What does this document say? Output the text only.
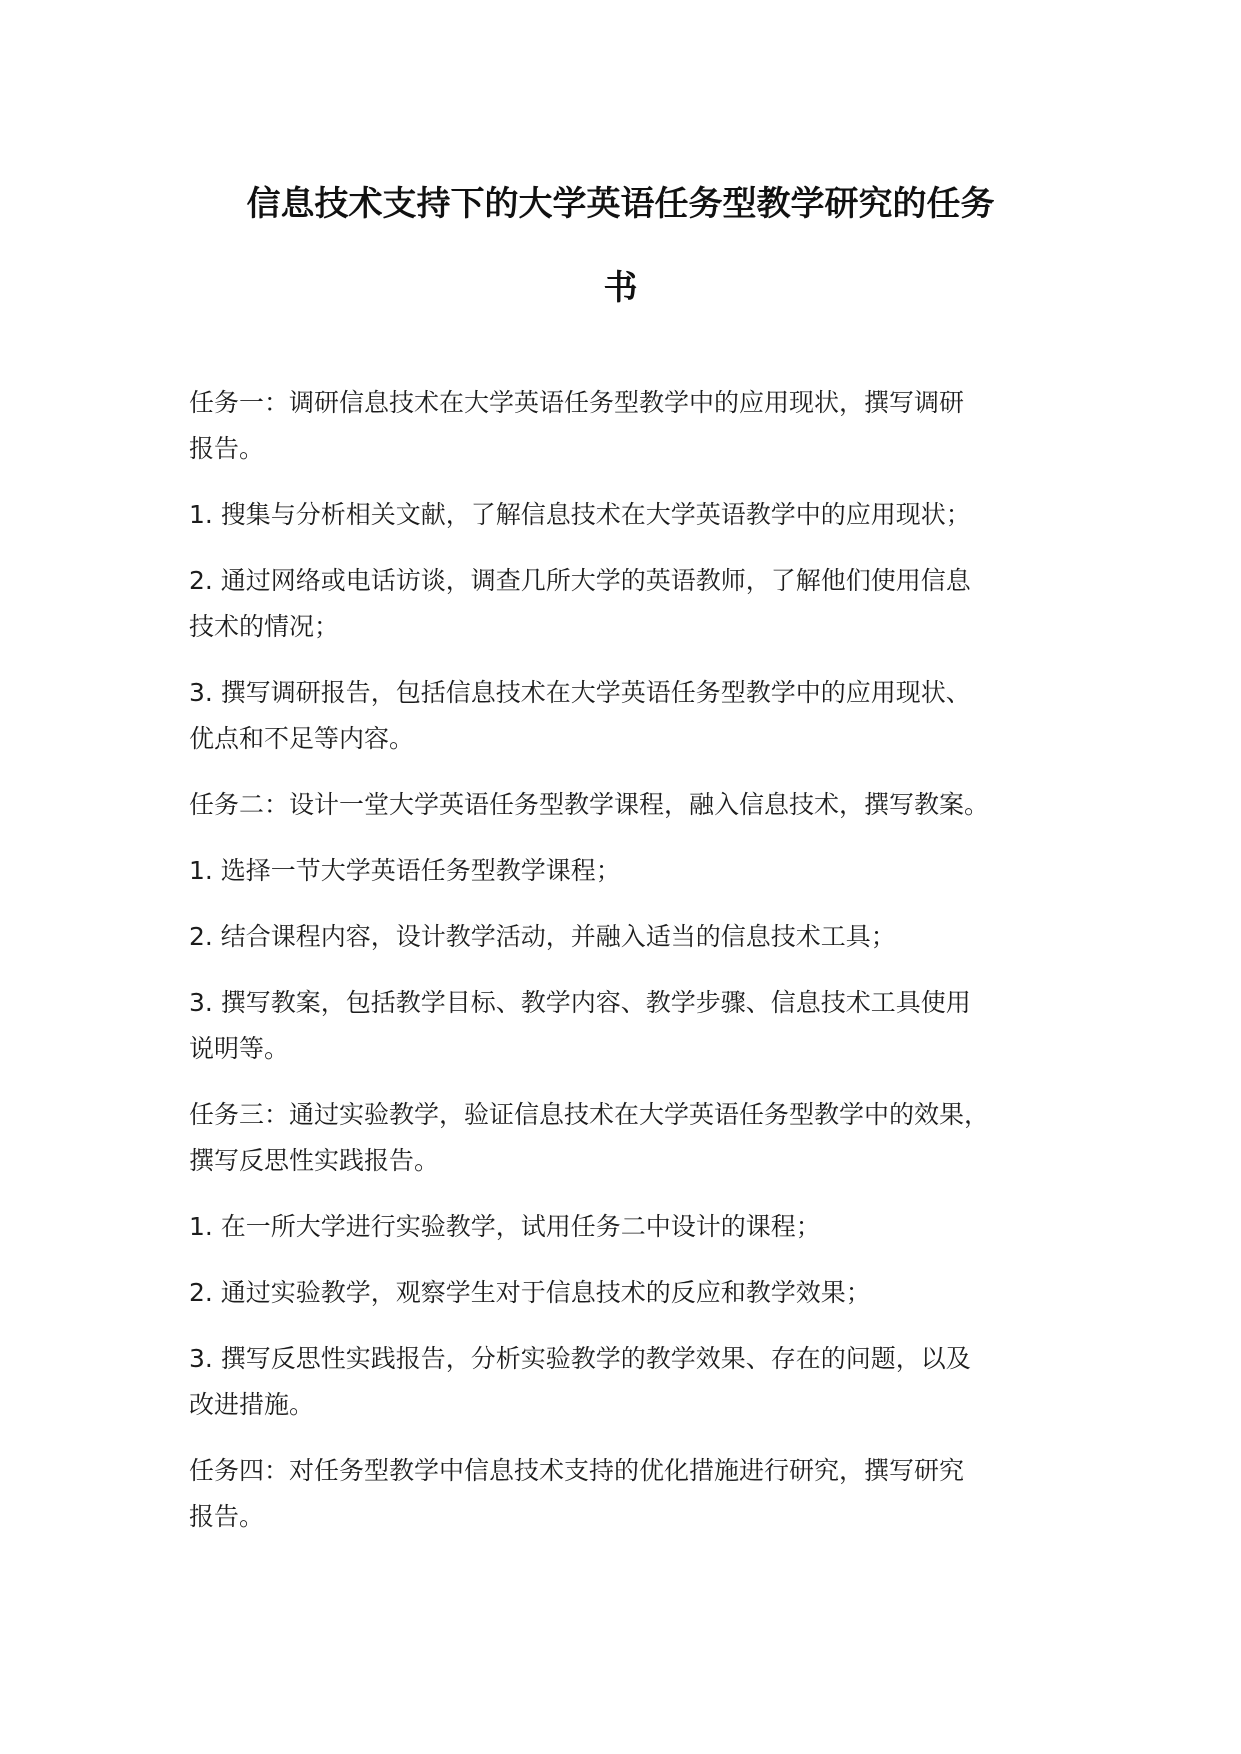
信息技术支持下的大学英语任务型教学研究的任务
书

任务一：调研信息技术在大学英语任务型教学中的应用现状，撰写调研
报告。

1. 搜集与分析相关文献，了解信息技术在大学英语教学中的应用现状；

2. 通过网络或电话访谈，调查几所大学的英语教师，了解他们使用信息
技术的情况；

3. 撰写调研报告，包括信息技术在大学英语任务型教学中的应用现状、
优点和不足等内容。

任务二：设计一堂大学英语任务型教学课程，融入信息技术，撰写教案。

1. 选择一节大学英语任务型教学课程；

2. 结合课程内容，设计教学活动，并融入适当的信息技术工具；

3. 撰写教案，包括教学目标、教学内容、教学步骤、信息技术工具使用
说明等。

任务三：通过实验教学，验证信息技术在大学英语任务型教学中的效果，
撰写反思性实践报告。

1. 在一所大学进行实验教学，试用任务二中设计的课程；

2. 通过实验教学，观察学生对于信息技术的反应和教学效果；

3. 撰写反思性实践报告，分析实验教学的教学效果、存在的问题，以及
改进措施。

任务四：对任务型教学中信息技术支持的优化措施进行研究，撰写研究
报告。
